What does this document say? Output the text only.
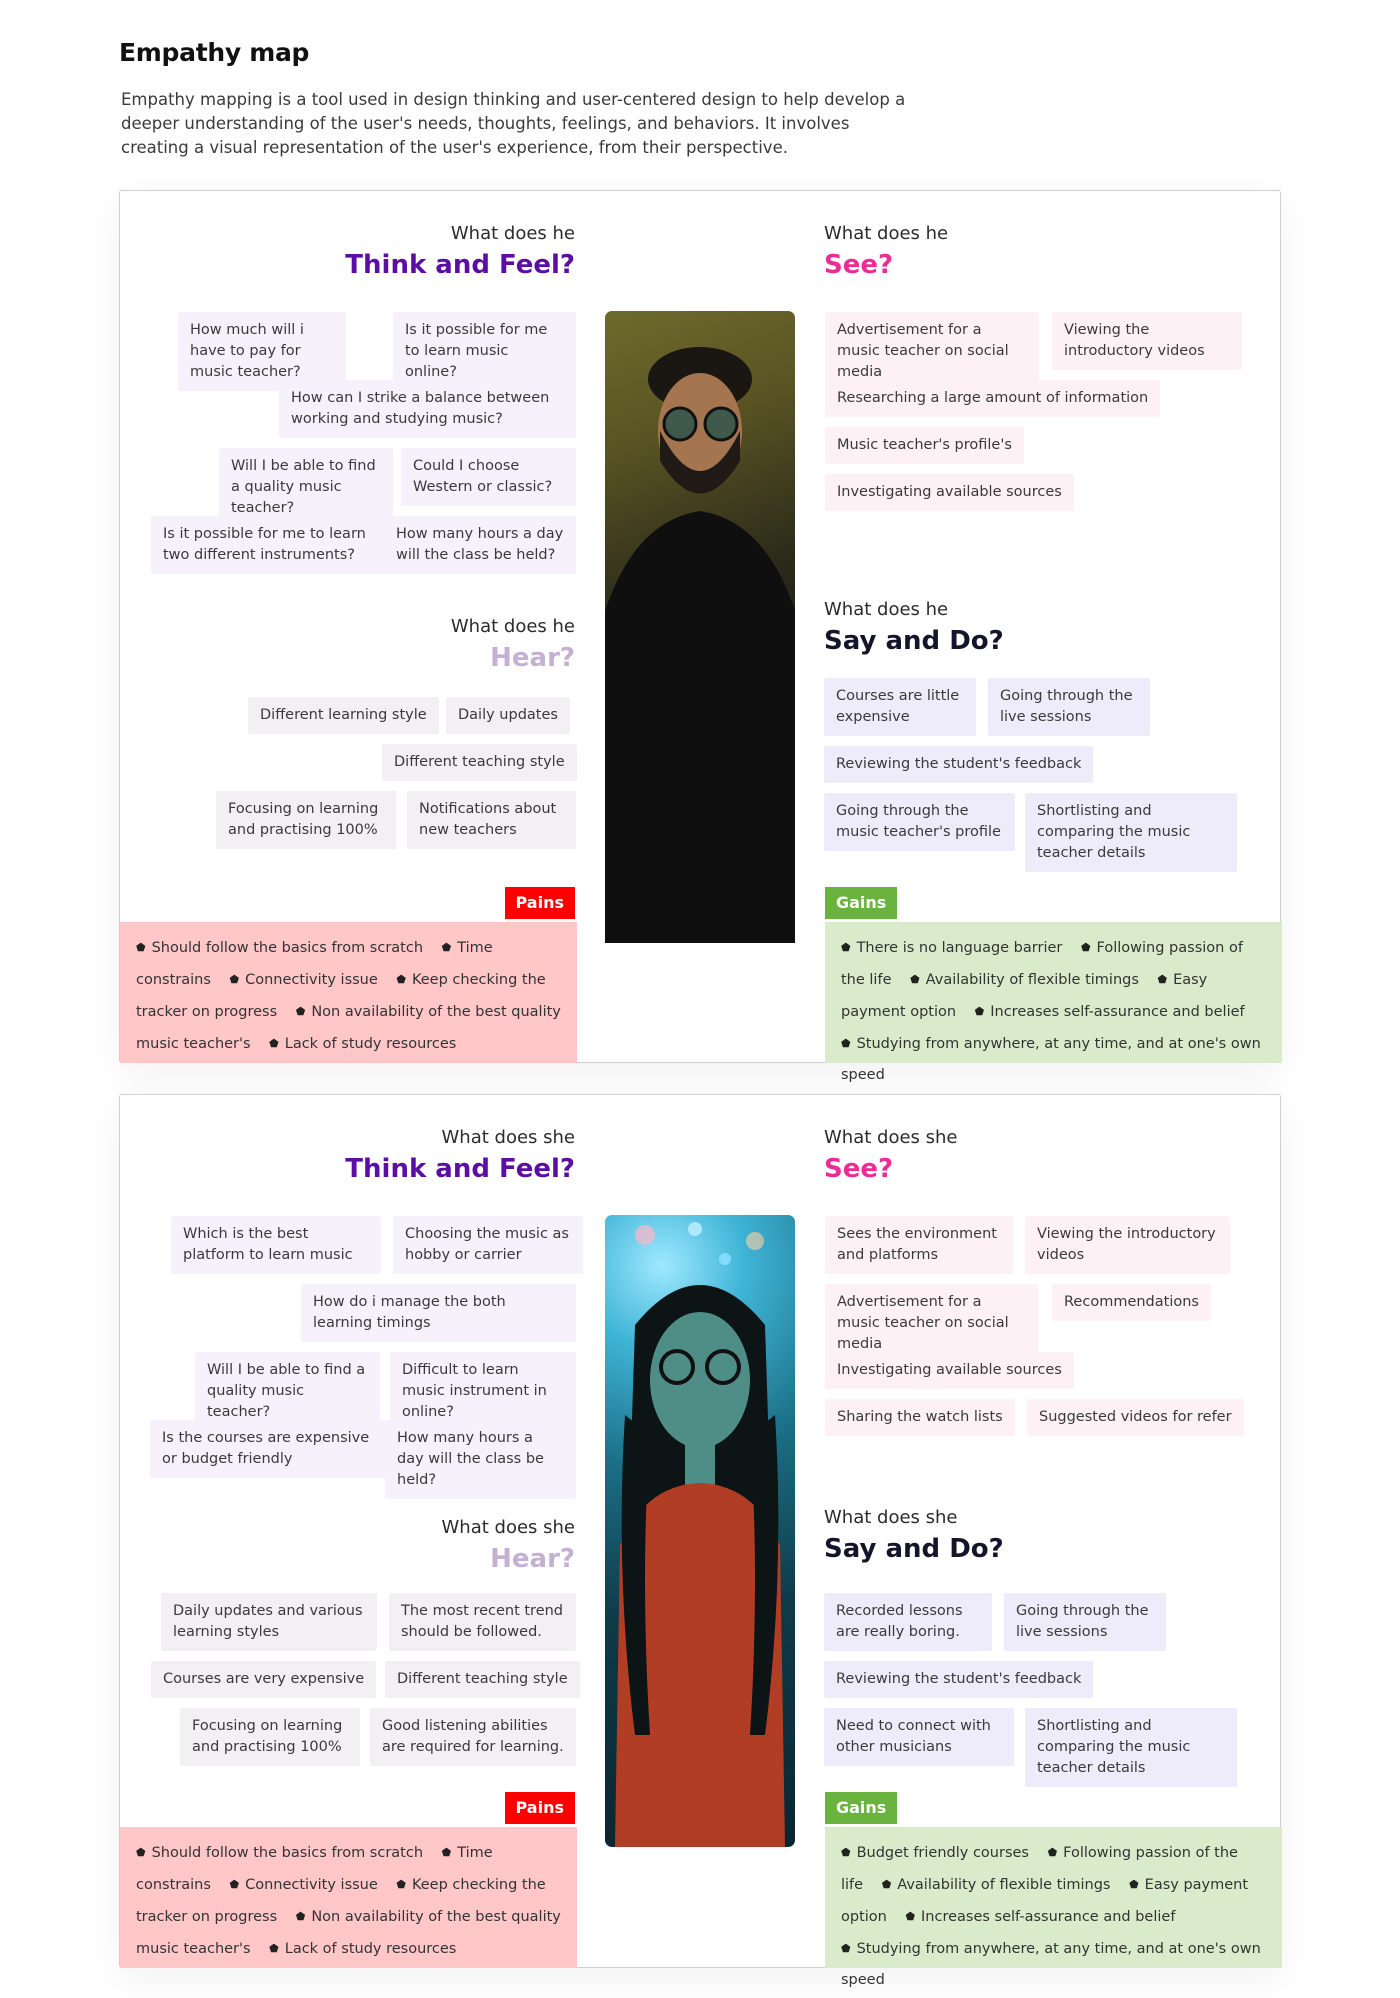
Empathy map
Empathy mapping is a tool used in design thinking and user-centered design to help develop a deeper understanding of the user's needs, thoughts, feelings, and behaviors. It involves creating a visual representation of the user's experience, from their perspective.
What does he
Think and Feel?
How much will i have to pay for music teacher?
Is it possible for me to learn music online?
How can I strike a balance between working and studying music?
Will I be able to find a quality music teacher?
Could I choose Western or classic?
Is it possible for me to learn two different instruments?
How many hours a day will the class be held?
What does he
Hear?
Different learning style	Daily updates
Different teaching style
Focusing on learning and practising 100%
Notifications about new teachers
What does he
See?
Advertisement for a music teacher on social media
Viewing the introductory videos
Researching a large amount of information
Music teacher's profile's
Investigating available sources
What does he
Say and Do?
Courses are little expensive
Going through the live sessions
Reviewing the student's feedback
Going through the music teacher's profile
Shortlisting and comparing the music teacher details
Pains	Gains
⬟ Should follow the basics from scratch ⬟ Time constrains ⬟ Connectivity issue ⬟ Keep checking the tracker on progress ⬟ Non availability of the best quality music teacher's ⬟ Lack of study resources
⬟ There is no language barrier ⬟ Following passion of the life ⬟ Availability of flexible timings ⬟ Easy payment option ⬟ Increases self-assurance and belief ⬟ Studying from anywhere, at any time, and at one's own speed
What does she
Think and Feel?
Which is the best platform to learn music
Choosing the music as hobby or carrier
How do i manage the both learning timings
Will I be able to find a quality music teacher?
Difficult to learn music instrument in online?
Is the courses are expensive or budget friendly
How many hours a day will the class be held?
What does she
Hear?
Daily updates and various learning styles
The most recent trend should be followed.
Courses are very expensive	Different teaching style
Focusing on learning and practising 100%
Good listening abilities are required for learning.
What does she
See?
Sees the environment and platforms
Viewing the introductory videos
Advertisement for a music teacher on social media
Recommendations
Investigating available sources
Sharing the watch lists	Suggested videos for refer
What does she
Say and Do?
Recorded lessons are really boring.
Going through the live sessions
Reviewing the student's feedback
Need to connect with other musicians
Shortlisting and comparing the music teacher details
Pains	Gains
⬟ Should follow the basics from scratch ⬟ Time constrains ⬟ Connectivity issue ⬟ Keep checking the tracker on progress ⬟ Non availability of the best quality music teacher's ⬟ Lack of study resources
⬟ Budget friendly courses ⬟ Following passion of the life ⬟ Availability of flexible timings ⬟ Easy payment option ⬟ Increases self-assurance and belief ⬟ Studying from anywhere, at any time, and at one's own speed
